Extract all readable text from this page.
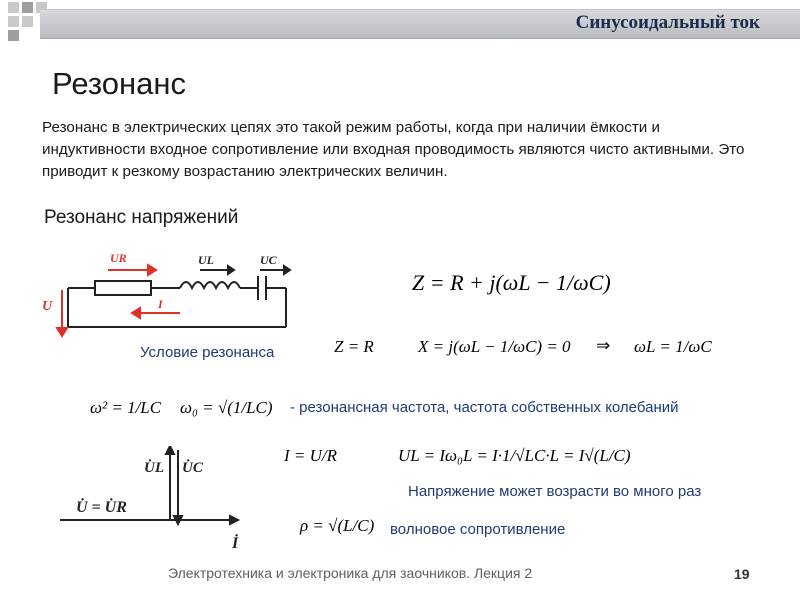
Синусоидальный ток
Резонанс
Резонанс в электрических цепях это такой режим работы, когда при наличии ёмкости и индуктивности входное сопротивление или входная проводимость являются чисто активными. Это приводит к резкому возрастанию электрических величин.
Резонанс напряжений
U
UR	UL	UC
I
Z = R + j(ωL − 1/ωC)
Условие резонанса	Z = R	X = j(ωL − 1/ωC) = 0 ⇒ ωL = 1/ωC
ω² = 1/LC ω₀ = √(1/LC) - резонансная частота, частота собственных колебаний
U̇L U̇C
U̇ = U̇R
İ
I = U/R	UL = Iω₀L = I·1/√LC·L = I√(L/C)
Напряжение может возрасти во много раз
ρ = √(L/C) волновое сопротивление
Электротехника и электроника для заочников. Лекция 2	19
